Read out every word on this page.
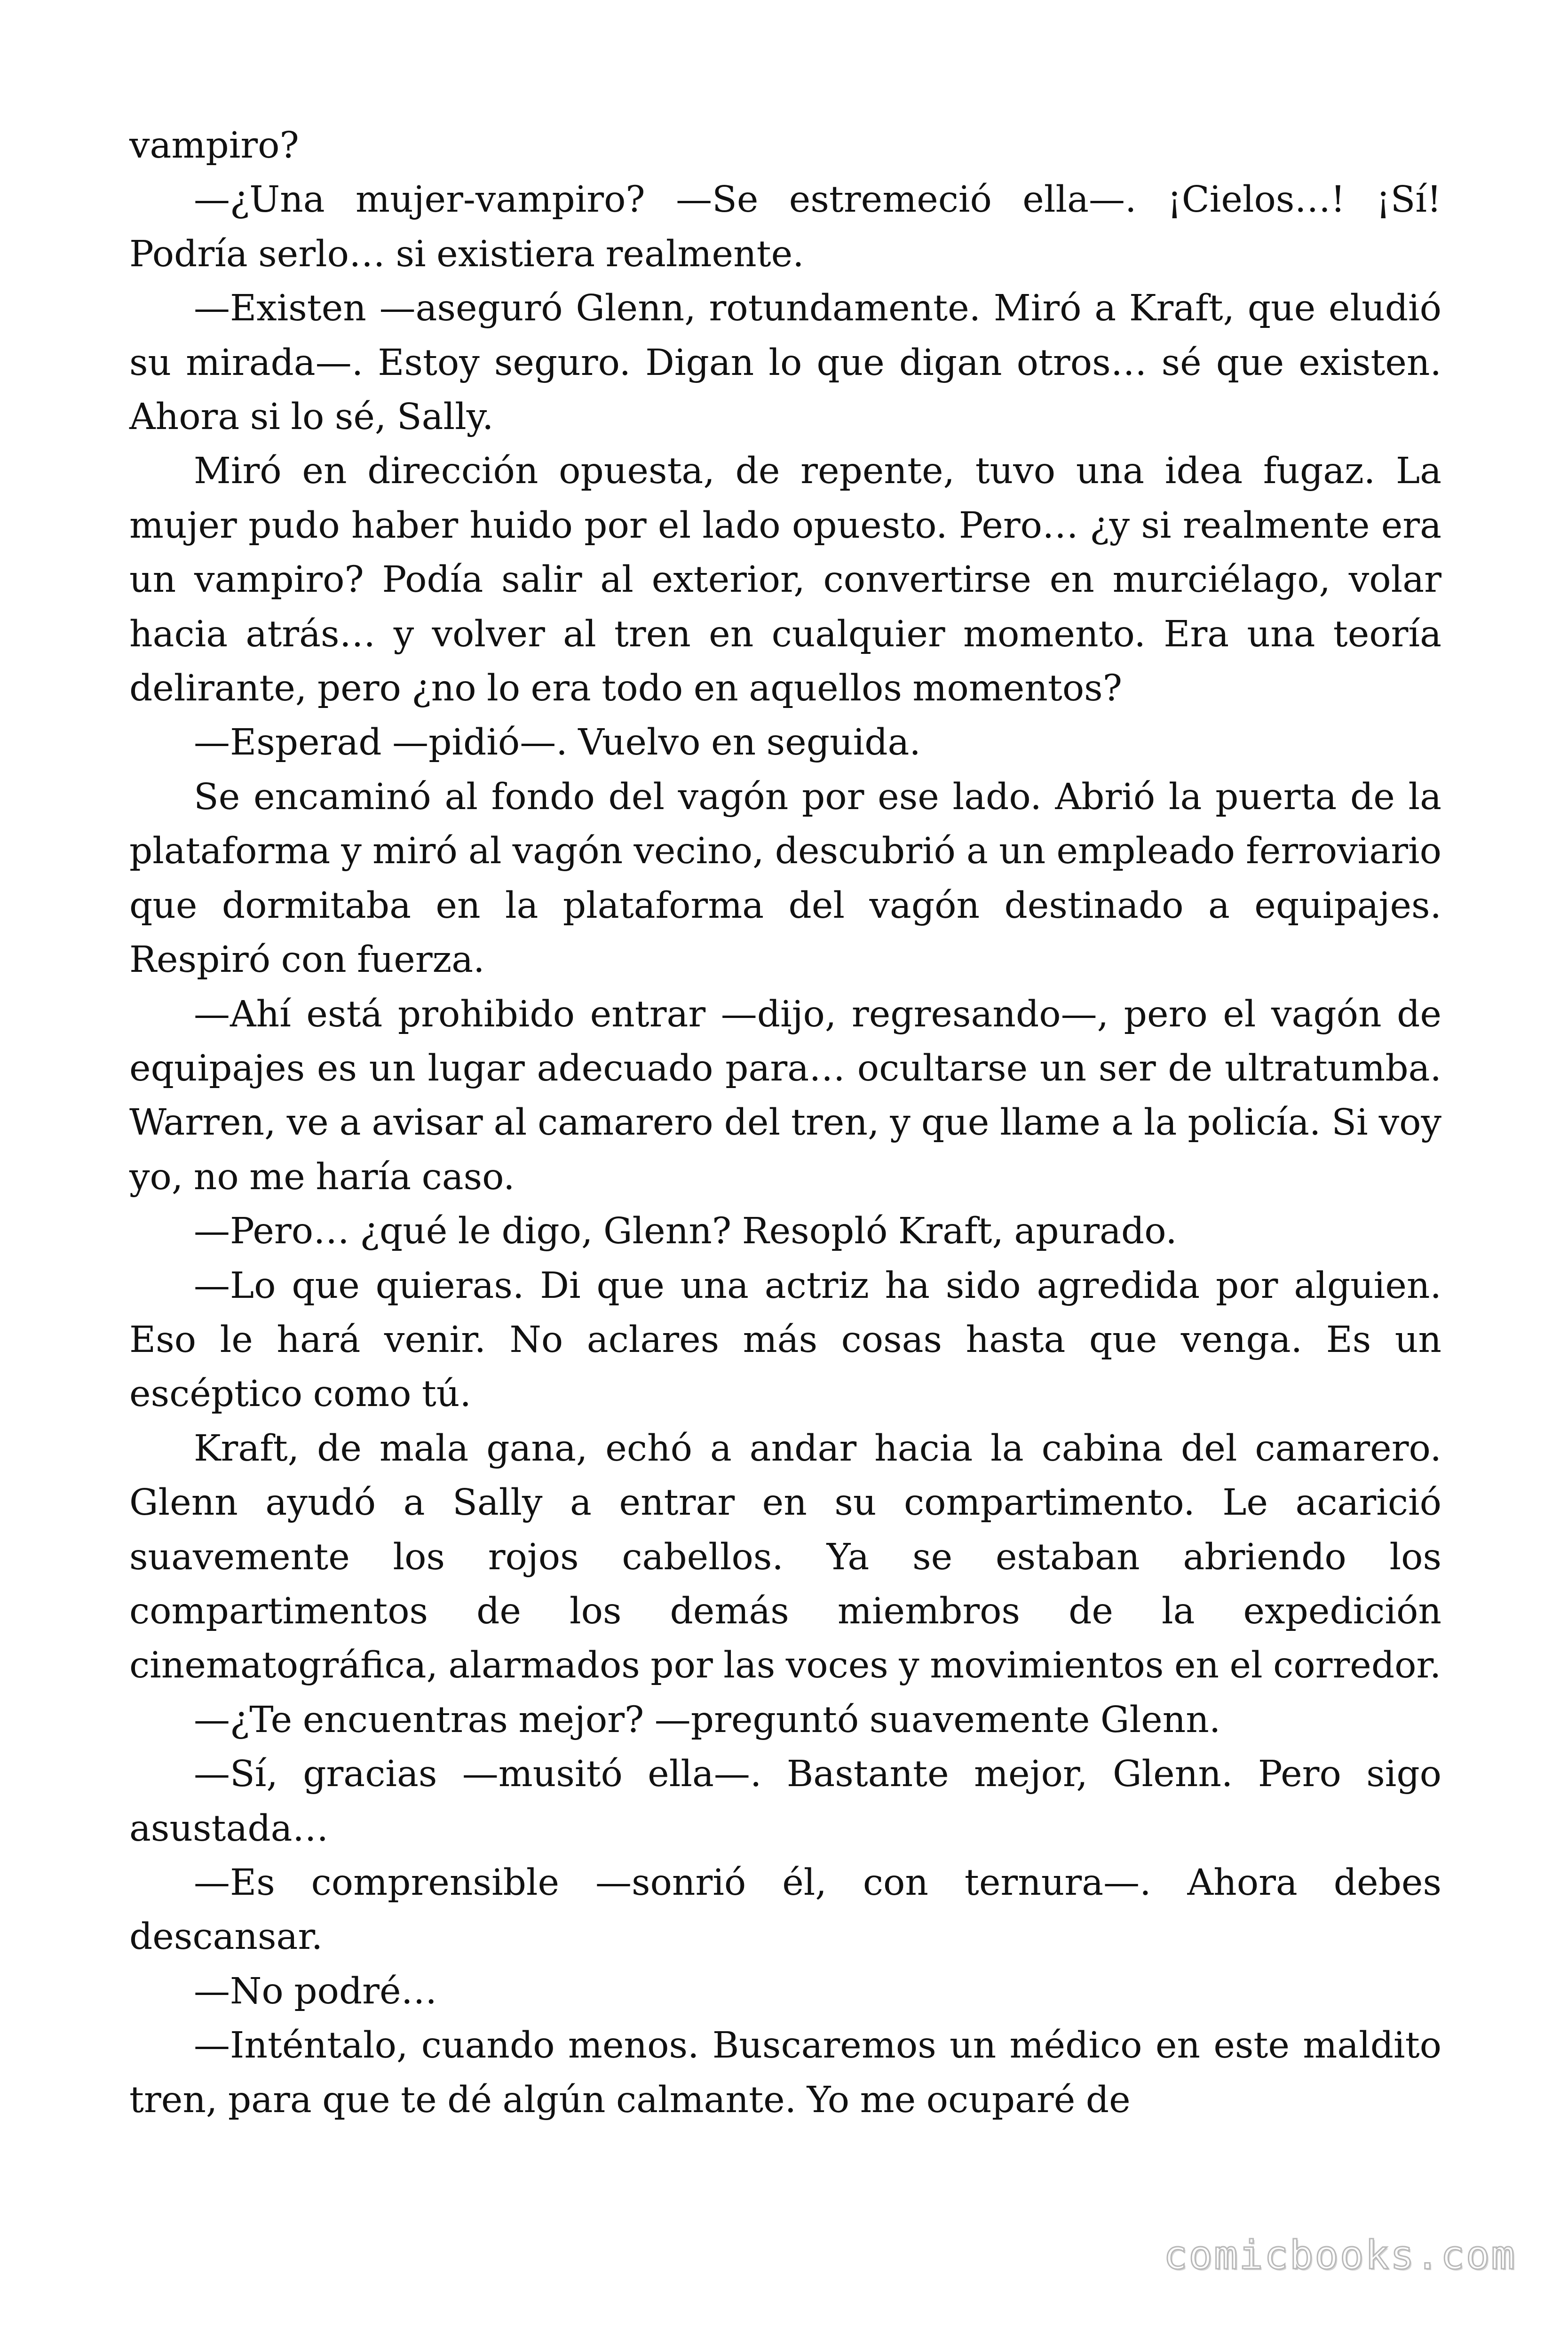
vampiro?

—¿Una mujer-vampiro? —Se estremeció ella—. ¡Cielos…! ¡Sí! Podría serlo… si existiera realmente.

—Existen —aseguró Glenn, rotundamente. Miró a Kraft, que eludió su mirada—. Estoy seguro. Digan lo que digan otros… sé que existen. Ahora si lo sé, Sally.

Miró en dirección opuesta, de repente, tuvo una idea fugaz. La mujer pudo haber huido por el lado opuesto. Pero… ¿y si realmente era un vampiro? Podía salir al exterior, convertirse en murciélago, volar hacia atrás… y volver al tren en cualquier momento. Era una teoría delirante, pero ¿no lo era todo en aquellos momentos?

—Esperad —pidió—. Vuelvo en seguida.

Se encaminó al fondo del vagón por ese lado. Abrió la puerta de la plataforma y miró al vagón vecino, descubrió a un empleado ferroviario que dormitaba en la plataforma del vagón destinado a equipajes. Respiró con fuerza.

—Ahí está prohibido entrar —dijo, regresando—, pero el vagón de equipajes es un lugar adecuado para… ocultarse un ser de ultratumba. Warren, ve a avisar al camarero del tren, y que llame a la policía. Si voy yo, no me haría caso.

—Pero… ¿qué le digo, Glenn? Resopló Kraft, apurado.

—Lo que quieras. Di que una actriz ha sido agredida por alguien. Eso le hará venir. No aclares más cosas hasta que venga. Es un escéptico como tú.

Kraft, de mala gana, echó a andar hacia la cabina del camarero. Glenn ayudó a Sally a entrar en su compartimento. Le acarició suavemente los rojos cabellos. Ya se estaban abriendo los compartimentos de los demás miembros de la expedición cinematográfica, alarmados por las voces y movimientos en el corredor.

—¿Te encuentras mejor? —preguntó suavemente Glenn.

—Sí, gracias —musitó ella—. Bastante mejor, Glenn. Pero sigo asustada…

—Es comprensible —sonrió él, con ternura—. Ahora debes descansar.

—No podré…

—Inténtalo, cuando menos. Buscaremos un médico en este maldito tren, para que te dé algún calmante. Yo me ocuparé de

comicbooks.com
